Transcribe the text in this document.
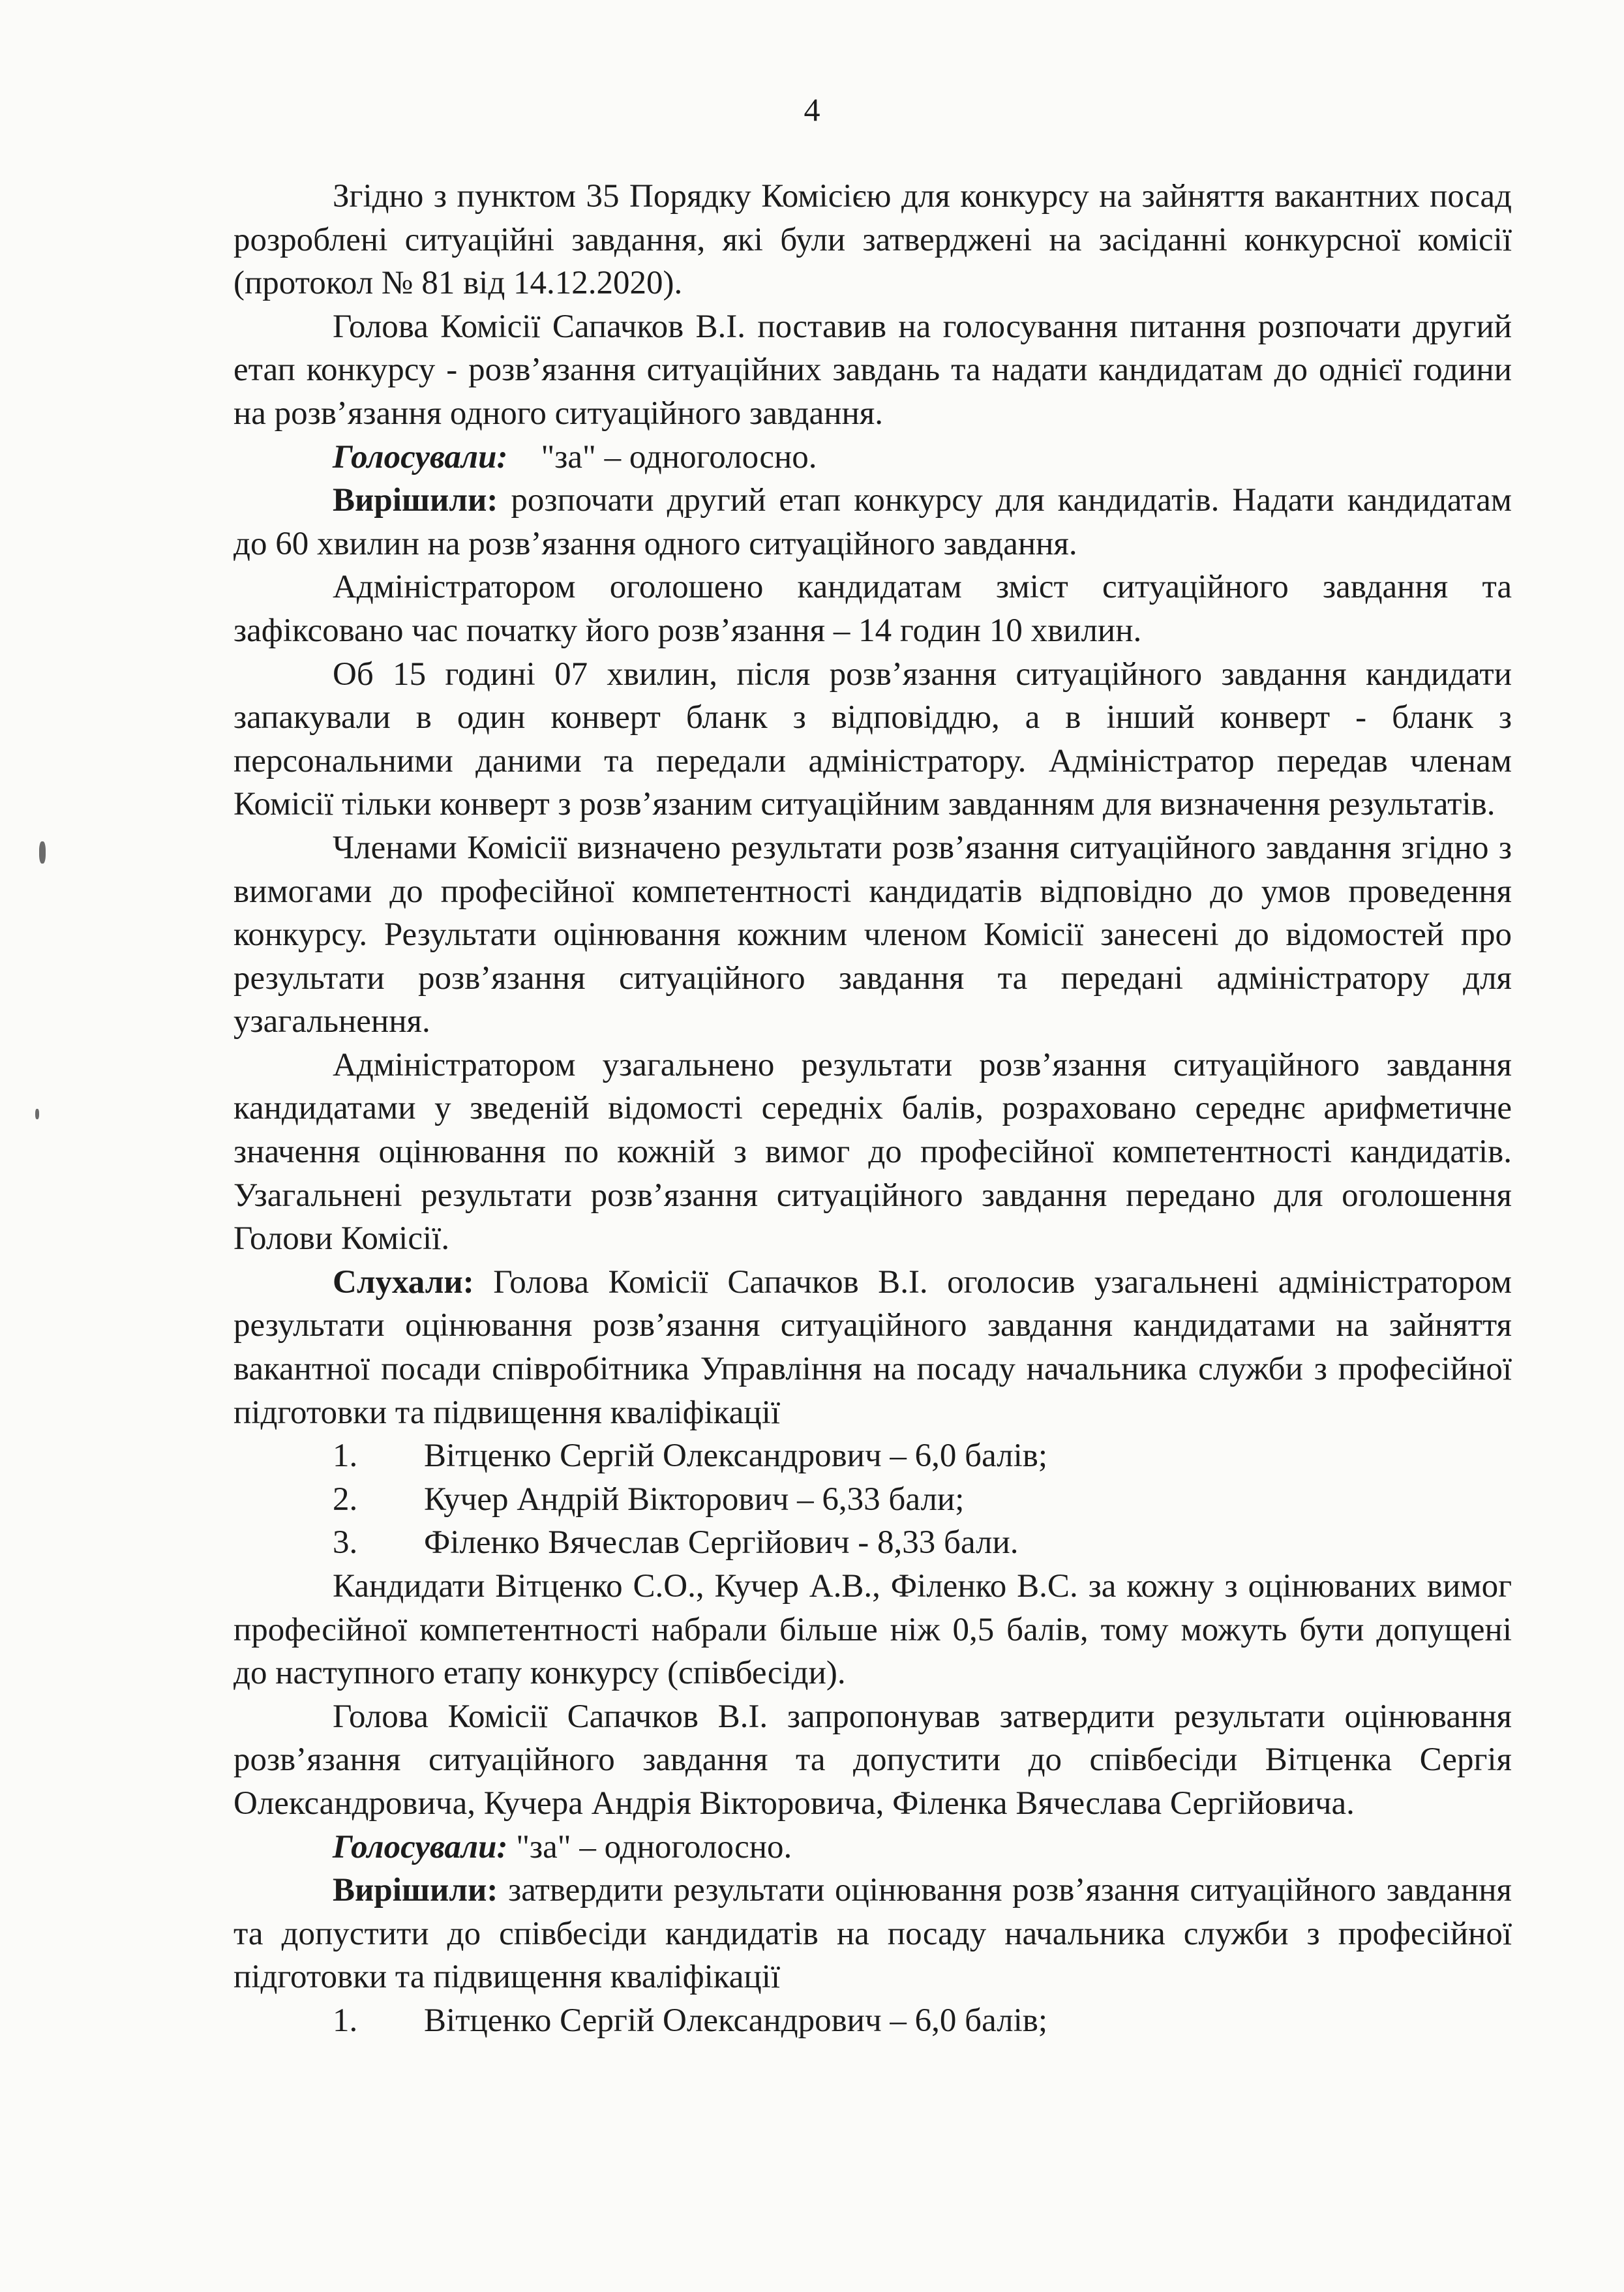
4

Згідно з пунктом 35 Порядку Комісією для конкурсу на зайняття вакантних посад розроблені ситуаційні завдання, які були затверджені на засіданні конкурсної комісії (протокол № 81 від 14.12.2020).

Голова Комісії Сапачков В.І. поставив на голосування питання розпочати другий етап конкурсу - розв’язання ситуаційних завдань та надати кандидатам до однієї години на розв’язання одного ситуаційного завдання.

Голосували: "за" – одноголосно.

Вирішили: розпочати другий етап конкурсу для кандидатів. Надати кандидатам до 60 хвилин на розв’язання одного ситуаційного завдання.

Адміністратором оголошено кандидатам зміст ситуаційного завдання та зафіксовано час початку його розв’язання – 14 годин 10 хвилин.

Об 15 годині 07 хвилин, після розв’язання ситуаційного завдання кандидати запакували в один конверт бланк з відповіддю, а в інший конверт - бланк з персональними даними та передали адміністратору. Адміністратор передав членам Комісії тільки конверт з розв’язаним ситуаційним завданням для визначення результатів.

Членами Комісії визначено результати розв’язання ситуаційного завдання згідно з вимогами до професійної компетентності кандидатів відповідно до умов проведення конкурсу. Результати оцінювання кожним членом Комісії занесені до відомостей про результати розв’язання ситуаційного завдання та передані адміністратору для узагальнення.

Адміністратором узагальнено результати розв’язання ситуаційного завдання кандидатами у зведеній відомості середніх балів, розраховано середнє арифметичне значення оцінювання по кожній з вимог до професійної компетентності кандидатів. Узагальнені результати розв’язання ситуаційного завдання передано для оголошення Голови Комісії.

Слухали: Голова Комісії Сапачков В.І. оголосив узагальнені адміністратором результати оцінювання розв’язання ситуаційного завдання кандидатами на зайняття вакантної посади співробітника Управління на посаду начальника служби з професійної підготовки та підвищення кваліфікації

1.	Вітценко Сергій Олександрович – 6,0 балів;
2.	Кучер Андрій Вікторович – 6,33 бали;
3.	Філенко Вячеслав Сергійович - 8,33 бали.

Кандидати Вітценко С.О., Кучер А.В., Філенко В.С. за кожну з оцінюваних вимог професійної компетентності набрали більше ніж 0,5 балів, тому можуть бути допущені до наступного етапу конкурсу (співбесіди).

Голова Комісії Сапачков В.І. запропонував затвердити результати оцінювання розв’язання ситуаційного завдання та допустити до співбесіди Вітценка Сергія Олександровича, Кучера Андрія Вікторовича, Філенка Вячеслава Сергійовича.

Голосували: "за" – одноголосно.

Вирішили: затвердити результати оцінювання розв’язання ситуаційного завдання та допустити до співбесіди кандидатів на посаду начальника служби з професійної підготовки та підвищення кваліфікації

1.	Вітценко Сергій Олександрович – 6,0 балів;
